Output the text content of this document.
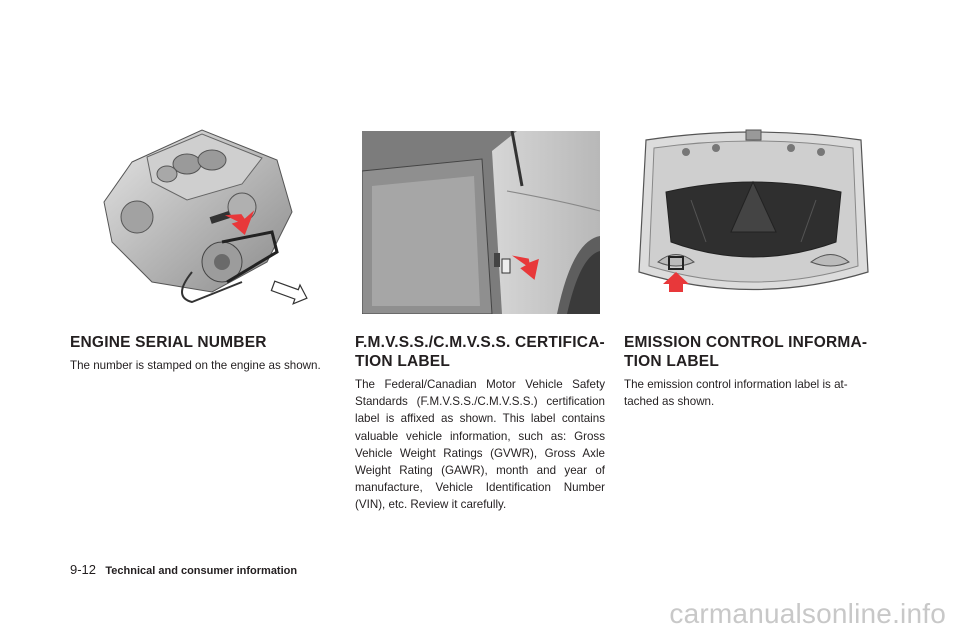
ENGINE SERIAL NUMBER

The number is stamped on the engine as shown.

F.M.V.S.S./C.M.V.S.S. CERTIFICA-
TION LABEL

The Federal/Canadian Motor Vehicle Safety Standards (F.M.V.S.S./C.M.V.S.S.) certification label is affixed as shown. This label contains valuable vehicle information, such as: Gross Vehicle Weight Ratings (GVWR), Gross Axle Weight Rating (GAWR), month and year of manufacture, Vehicle Identification Number (VIN), etc. Review it carefully.

EMISSION CONTROL INFORMA-
TION LABEL

The emission control information label is at-
tached as shown.

9-12 Technical and consumer information
carmanualsonline.info
